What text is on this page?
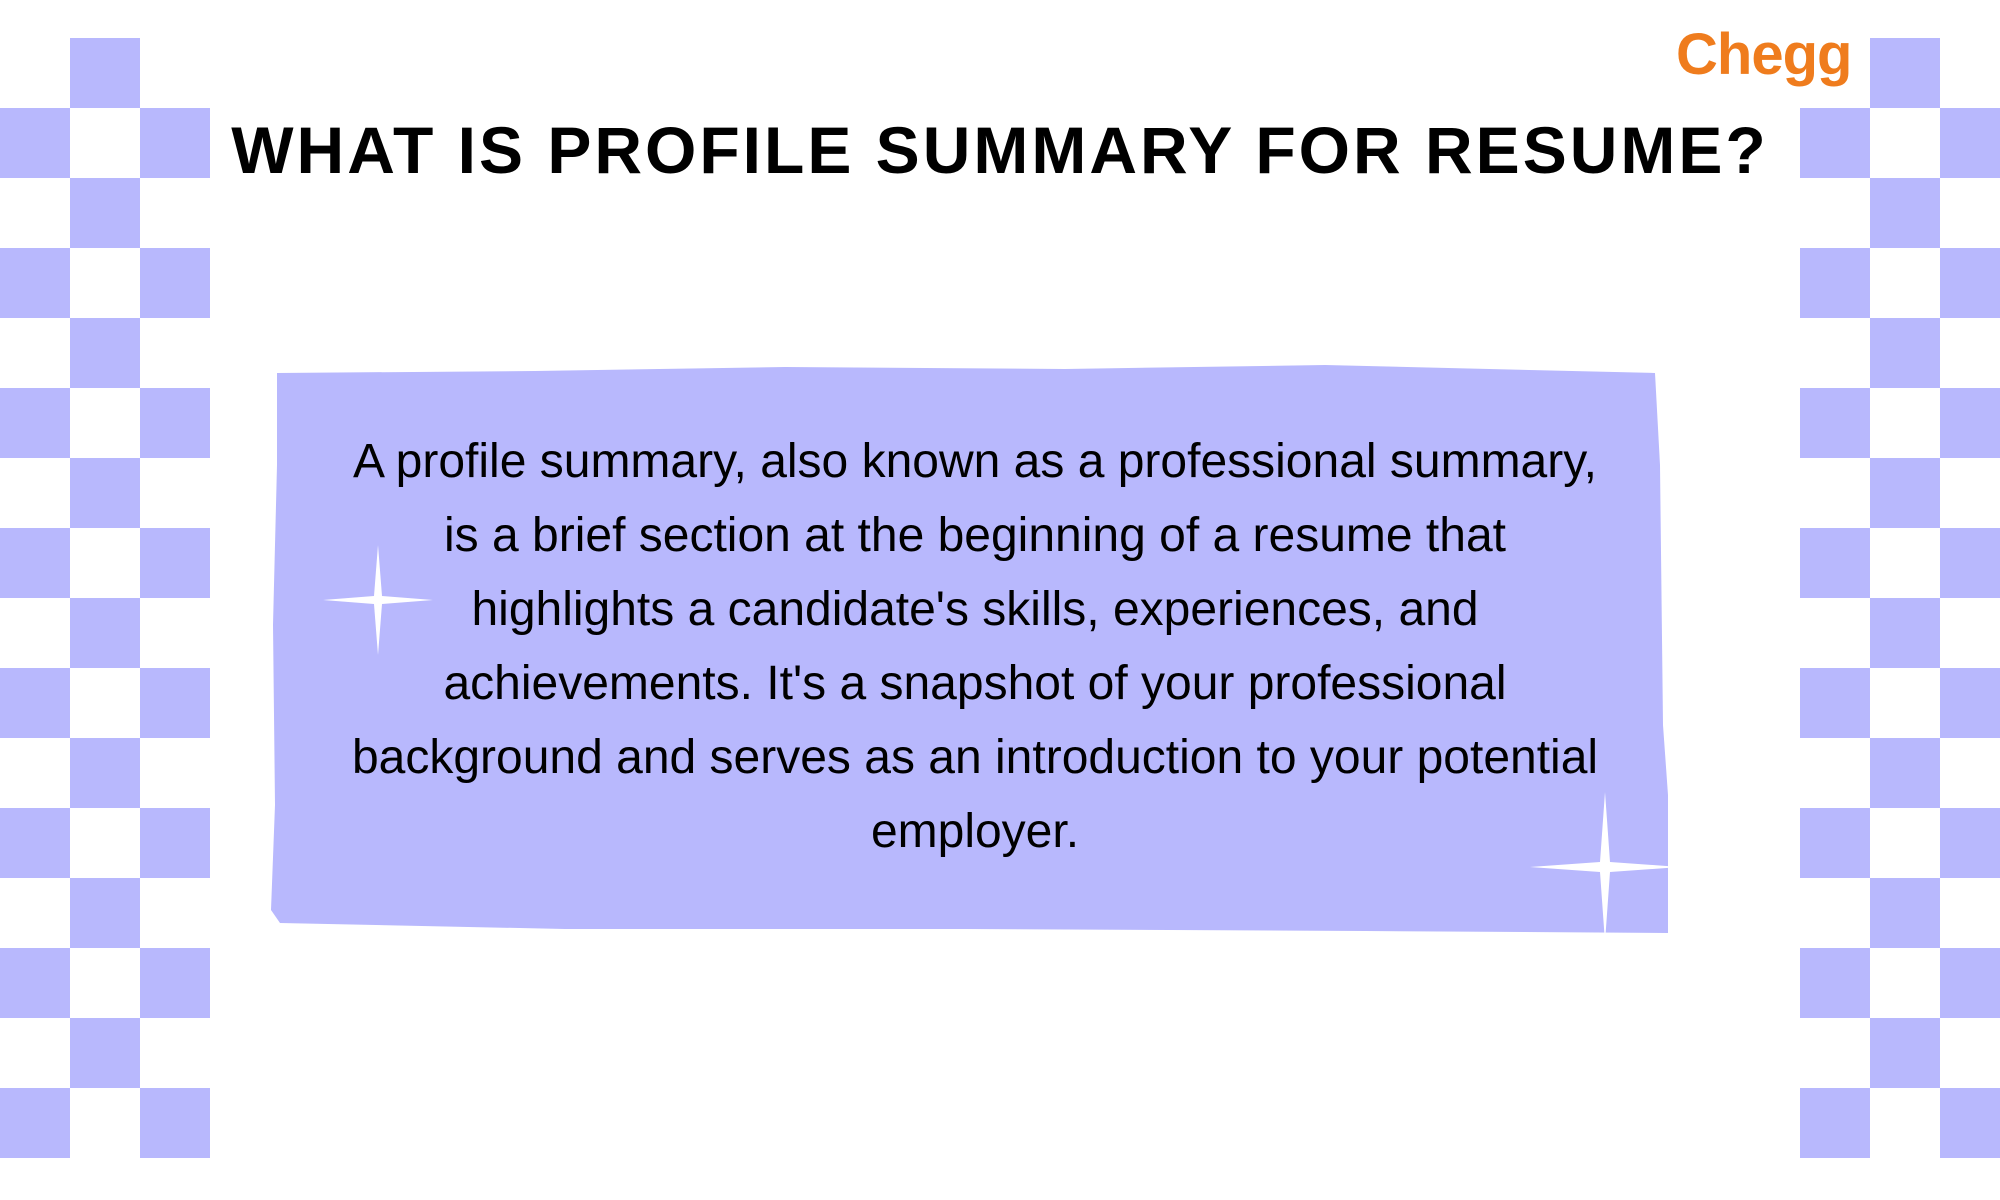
Chegg
WHAT IS PROFILE SUMMARY FOR RESUME?

A profile summary, also known as a professional summary, is a brief section at the beginning of a resume that highlights a candidate's skills, experiences, and achievements. It's a snapshot of your professional background and serves as an introduction to your potential employer.
